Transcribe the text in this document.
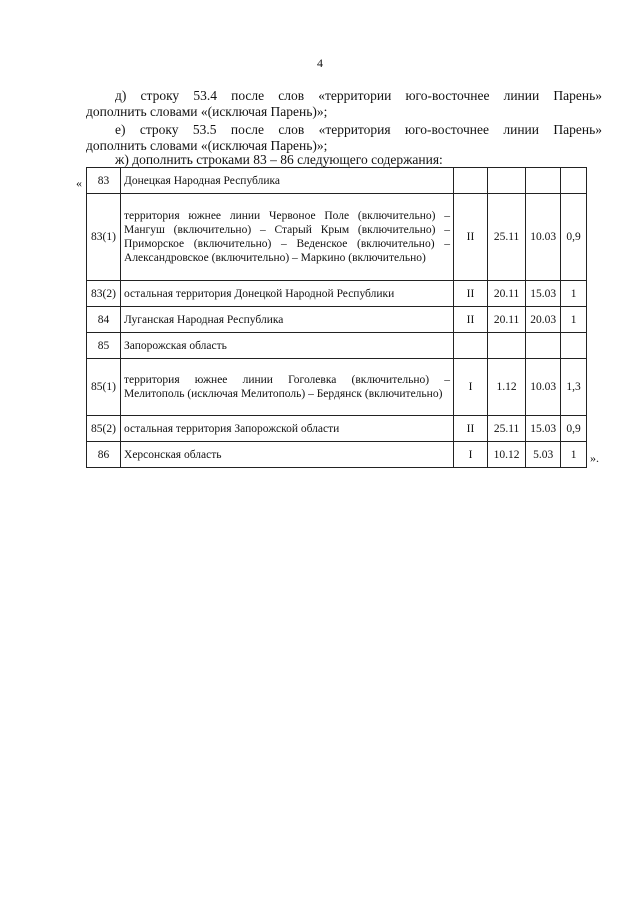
4
д) строку 53.4 после слов «территории юго-восточнее линии Парень»
дополнить словами «(исключая Парень)»;
е) строку 53.5 после слов «территория юго-восточнее линии Парень»
дополнить словами «(исключая Парень)»;
ж) дополнить строками 83 – 86 следующего содержания:
« 83	Донецкая Народная Республика				
83(1)	территория южнее линии Червоное Поле (включительно) – Мангуш (включительно) – Старый Крым (включительно) – Приморское (включительно) – Веденское (включительно) – Александровское (включительно) – Маркино (включительно)	II	25.11	10.03	0,9
83(2)	остальная территория Донецкой Народной Республики	II	20.11	15.03	1
84	Луганская Народная Республика	II	20.11	20.03	1
85	Запорожская область				
85(1)	территория южнее линии Гоголевка (включительно) – Мелитополь (исключая Мелитополь) – Бердянск (включительно)	I	1.12	10.03	1,3
85(2)	остальная территория Запорожской области	II	25.11	15.03	0,9
86	Херсонская область	I	10.12	5.03	1 ».
